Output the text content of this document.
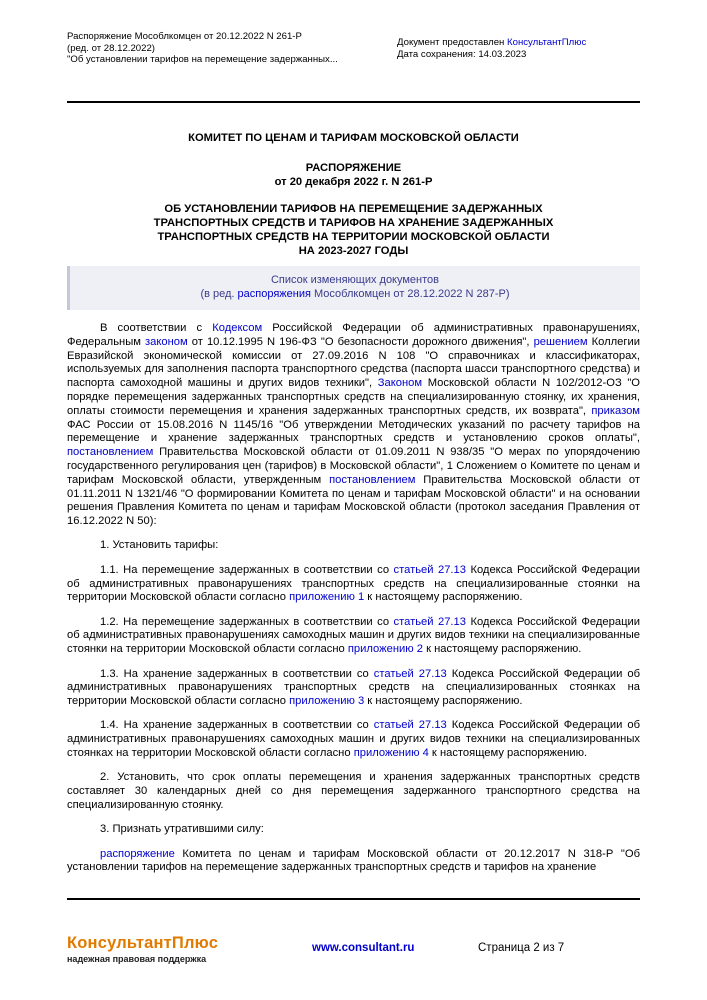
Распоряжение Мособлкомцен от 20.12.2022 N 261-Р
(ред. от 28.12.2022)
"Об установлении тарифов на перемещение задержанных...
Документ предоставлен КонсультантПлюс
Дата сохранения: 14.03.2023

КОМИТЕТ ПО ЦЕНАМ И ТАРИФАМ МОСКОВСКОЙ ОБЛАСТИ

РАСПОРЯЖЕНИЕ

от 20 декабря 2022 г. N 261-Р

ОБ УСТАНОВЛЕНИИ ТАРИФОВ НА ПЕРЕМЕЩЕНИЕ ЗАДЕРЖАННЫХ

ТРАНСПОРТНЫХ СРЕДСТВ И ТАРИФОВ НА ХРАНЕНИЕ ЗАДЕРЖАННЫХ

ТРАНСПОРТНЫХ СРЕДСТВ НА ТЕРРИТОРИИ МОСКОВСКОЙ ОБЛАСТИ

НА 2023-2027 ГОДЫ

Список изменяющих документов

(в ред. распоряжения Мособлкомцен от 28.12.2022 N 287-Р)

В соответствии с Кодексом Российской Федерации об административных правонарушениях, Федеральным законом от 10.12.1995 N 196-ФЗ "О безопасности дорожного движения", решением Коллегии Евразийской экономической комиссии от 27.09.2016 N 108 "О справочниках и классификаторах, используемых для заполнения паспорта транспортного средства (паспорта шасси транспортного средства) и паспорта самоходной машины и других видов техники", Законом Московской области N 102/2012-ОЗ "О порядке перемещения задержанных транспортных средств на специализированную стоянку, их хранения, оплаты стоимости перемещения и хранения задержанных транспортных средств, их возврата", приказом ФАС России от 15.08.2016 N 1145/16 "Об утверждении Методических указаний по расчету тарифов на перемещение и хранение задержанных транспортных средств и установлению сроков оплаты", постановлением Правительства Московской области от 01.09.2011 N 938/35 "О мерах по упорядочению государственного регулирования цен (тарифов) в Московской области", 1 Сложением о Комитете по ценам и тарифам Московской области, утвержденным постановлением Правительства Московской области от 01.11.2011 N 1321/46 "О формировании Комитета по ценам и тарифам Московской области" и на основании решения Правления Комитета по ценам и тарифам Московской области (протокол заседания Правления от 16.12.2022 N 50):

1. Установить тарифы:

1.1. На перемещение задержанных в соответствии со статьей 27.13 Кодекса Российской Федерации об административных правонарушениях транспортных средств на специализированные стоянки на территории Московской области согласно приложению 1 к настоящему распоряжению.

1.2. На перемещение задержанных в соответствии со статьей 27.13 Кодекса Российской Федерации об административных правонарушениях самоходных машин и других видов техники на специализированные стоянки на территории Московской области согласно приложению 2 к настоящему распоряжению.

1.3. На хранение задержанных в соответствии со статьей 27.13 Кодекса Российской Федерации об административных правонарушениях транспортных средств на специализированных стоянках на территории Московской области согласно приложению 3 к настоящему распоряжению.

1.4. На хранение задержанных в соответствии со статьей 27.13 Кодекса Российской Федерации об административных правонарушениях самоходных машин и других видов техники на специализированных стоянках на территории Московской области согласно приложению 4 к настоящему распоряжению.

2. Установить, что срок оплаты перемещения и хранения задержанных транспортных средств составляет 30 календарных дней со дня перемещения задержанного транспортного средства на специализированную стоянку.

3. Признать утратившими силу:

распоряжение Комитета по ценам и тарифам Московской области от 20.12.2017 N 318-Р "Об установлении тарифов на перемещение задержанных транспортных средств и тарифов на хранение

КонсультантПлюс
надежная правовая поддержка
www.consultant.ru	Страница 2 из 7
